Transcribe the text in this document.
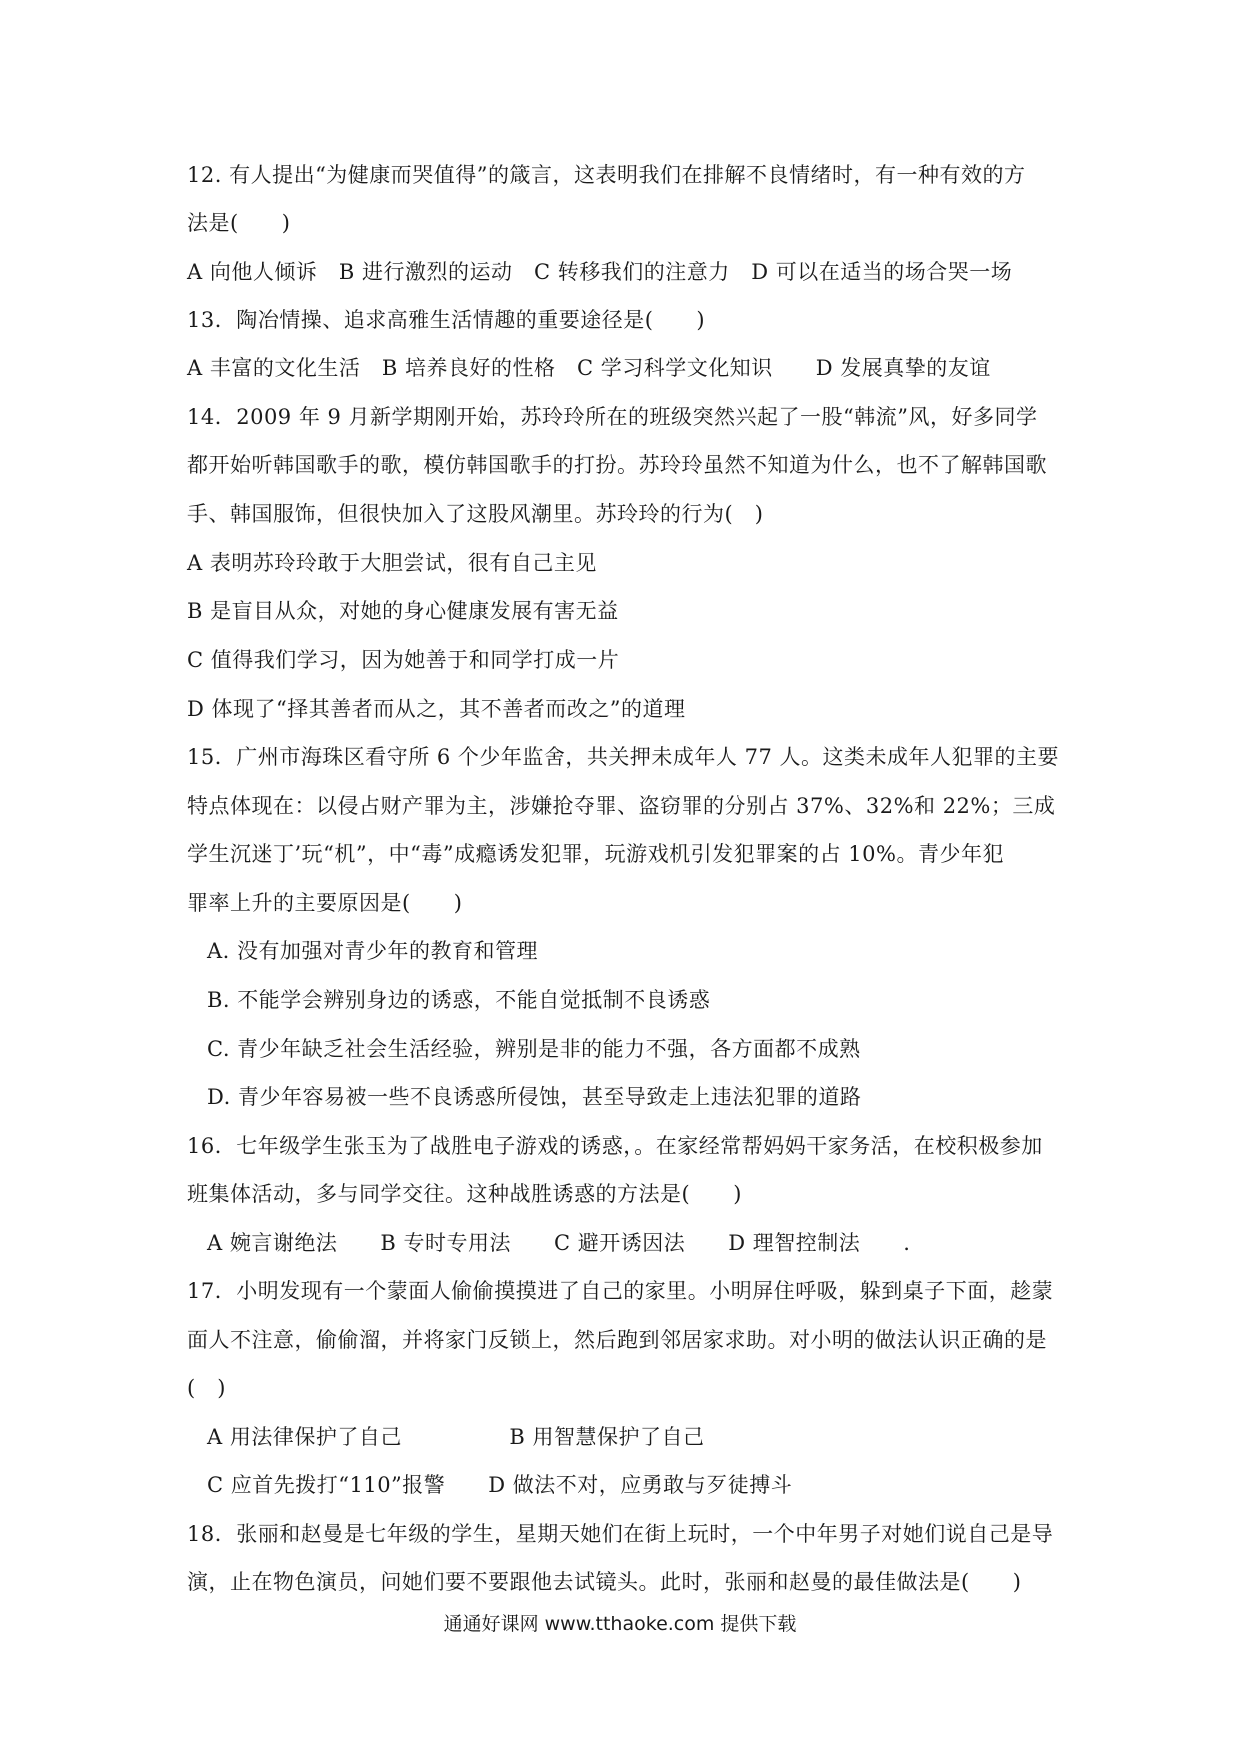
12. 有人提出“为健康而哭值得”的箴言，这表明我们在排解不良情绪时，有一种有效的方
法是(　　)
A 向他人倾诉　B 进行激烈的运动　C 转移我们的注意力　D 可以在适当的场合哭一场
13．陶冶情操、追求高雅生活情趣的重要途径是(　　)
A 丰富的文化生活　B 培养良好的性格　C 学习科学文化知识　　D 发展真挚的友谊
14．2009 年 9 月新学期刚开始，苏玲玲所在的班级突然兴起了一股“韩流”风，好多同学
都开始听韩国歌手的歌，模仿韩国歌手的打扮。苏玲玲虽然不知道为什么，也不了解韩国歌
手、韩国服饰，但很快加入了这股风潮里。苏玲玲的行为(　)
A 表明苏玲玲敢于大胆尝试，很有自己主见
B 是盲目从众，对她的身心健康发展有害无益
C 值得我们学习，因为她善于和同学打成一片
D 体现了“择其善者而从之，其不善者而改之”的道理
15．广州市海珠区看守所 6 个少年监舍，共关押未成年人 77 人。这类未成年人犯罪的主要
特点体现在：以侵占财产罪为主，涉嫌抢夺罪、盗窃罪的分别占 37%、32%和 22%；三成
学生沉迷丁’玩“机”，中“毒”成瘾诱发犯罪，玩游戏机引发犯罪案的占 10%。青少年犯
罪率上升的主要原因是(　　)
A. 没有加强对青少年的教育和管理
B. 不能学会辨别身边的诱惑，不能自觉抵制不良诱惑
C. 青少年缺乏社会生活经验，辨别是非的能力不强，各方面都不成熟
D. 青少年容易被一些不良诱惑所侵蚀，甚至导致走上违法犯罪的道路
16．七年级学生张玉为了战胜电子游戏的诱惑，。在家经常帮妈妈干家务活，在校积极参加
班集体活动，多与同学交往。这种战胜诱惑的方法是(　　)
A 婉言谢绝法　　B 专时专用法　　C 避开诱因法　　D 理智控制法　　.
17．小明发现有一个蒙面人偷偷摸摸进了自己的家里。小明屏住呼吸，躲到桌子下面，趁蒙
面人不注意，偷偷溜，并将家门反锁上，然后跑到邻居家求助。对小明的做法认识正确的是
(　)
A 用法律保护了自己　　　　　B 用智慧保护了自己
C 应首先拨打“110”报警　　D 做法不对，应勇敢与歹徒搏斗
18．张丽和赵曼是七年级的学生，星期天她们在街上玩时，一个中年男子对她们说自己是导
演，止在物色演员，问她们要不要跟他去试镜头。此时，张丽和赵曼的最佳做法是(　　)
通通好课网 www.tthaoke.com 提供下载
